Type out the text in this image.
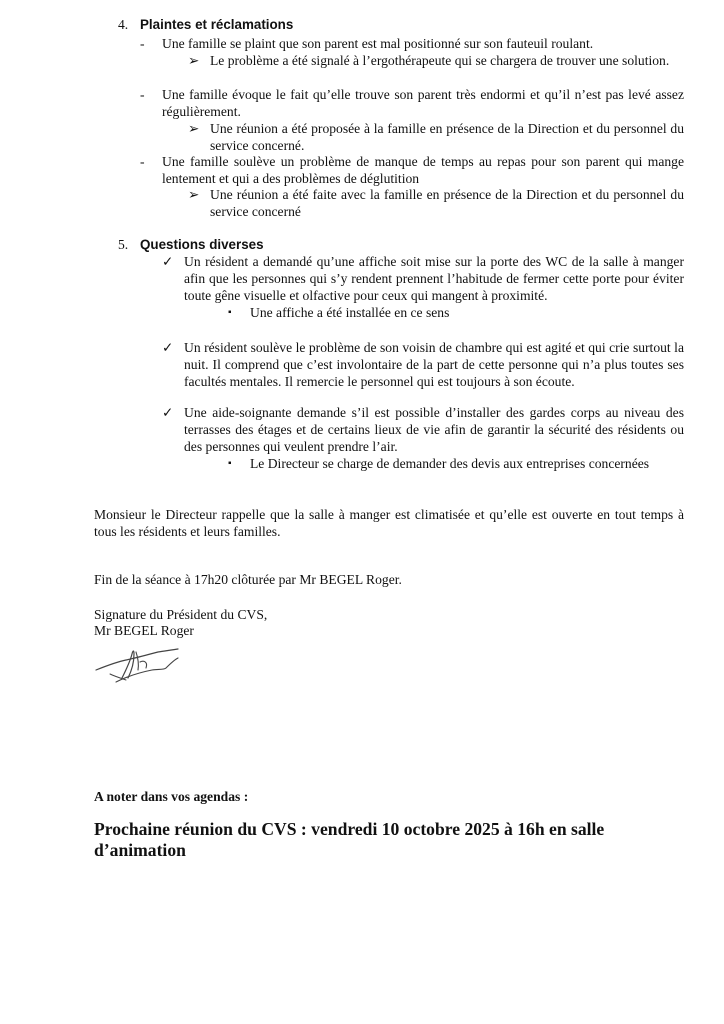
4. Plaintes et réclamations
-	Une famille se plaint que son parent est mal positionné sur son fauteuil roulant.
➢ Le problème a été signalé à l’ergothérapeute qui se chargera de trouver une solution.
-	Une famille évoque le fait qu’elle trouve son parent très endormi et qu’il n’est pas levé assez régulièrement.
➢ Une réunion a été proposée à la famille en présence de la Direction et du personnel du service concerné.
-	Une famille soulève un problème de manque de temps au repas pour son parent qui mange lentement et qui a des problèmes de déglutition
➢ Une réunion a été faite avec la famille en présence de la Direction et du personnel du service concerné
5. Questions diverses
✓ Un résident a demandé qu’une affiche soit mise sur la porte des WC de la salle à manger afin que les personnes qui s’y rendent prennent l’habitude de fermer cette porte pour éviter toute gêne visuelle et olfactive pour ceux qui mangent à proximité.
▪	Une affiche a été installée en ce sens
✓ Un résident soulève le problème de son voisin de chambre qui est agité et qui crie surtout la nuit. Il comprend que c’est involontaire de la part de cette personne qui n’a plus toutes ses facultés mentales. Il remercie le personnel qui est toujours à son écoute.
✓ Une aide-soignante demande s’il est possible d’installer des gardes corps au niveau des terrasses des étages et de certains lieux de vie afin de garantir la sécurité des résidents ou des personnes qui veulent prendre l’air.
▪	Le Directeur se charge de demander des devis aux entreprises concernées
Monsieur le Directeur rappelle que la salle à manger est climatisée et qu’elle est ouverte en tout temps à tous les résidents et leurs familles.
Fin de la séance à 17h20 clôturée par Mr BEGEL Roger.
Signature du Président du CVS,
Mr BEGEL Roger
A noter dans vos agendas :
Prochaine réunion du CVS : vendredi 10 octobre 2025 à 16h en salle d’animation
